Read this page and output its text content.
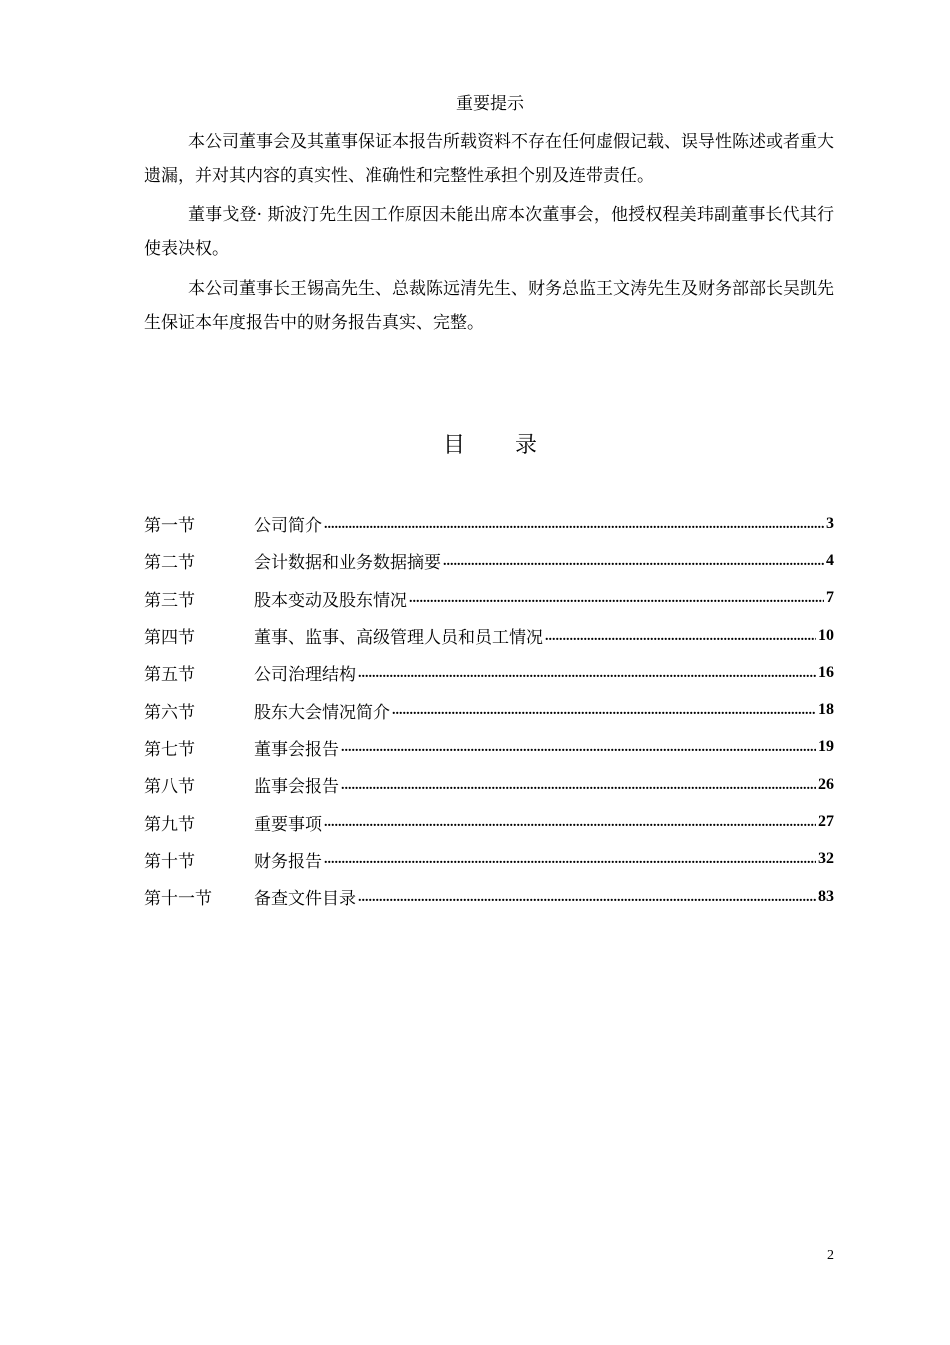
重要提示

本公司董事会及其董事保证本报告所载资料不存在任何虚假记载、误导性陈述或者重大遗漏，并对其内容的真实性、准确性和完整性承担个别及连带责任。

董事戈登· 斯波汀先生因工作原因未能出席本次董事会，他授权程美玮副董事长代其行使表决权。

本公司董事长王锡高先生、总裁陈远清先生、财务总监王文涛先生及财务部部长吴凯先生保证本年度报告中的财务报告真实、完整。

目录
第一节	公司简介 .....	3
第二节	会计数据和业务数据摘要 .....	4
第三节	股本变动及股东情况 .....	7
第四节	董事、监事、高级管理人员和员工情况 .....	10
第五节	公司治理结构 .....	16
第六节	股东大会情况简介 .....	18
第七节	董事会报告 .....	19
第八节	监事会报告 .....	26
第九节	重要事项 .....	27
第十节	财务报告 .....	32
第十一节	备查文件目录 .....	83
2
